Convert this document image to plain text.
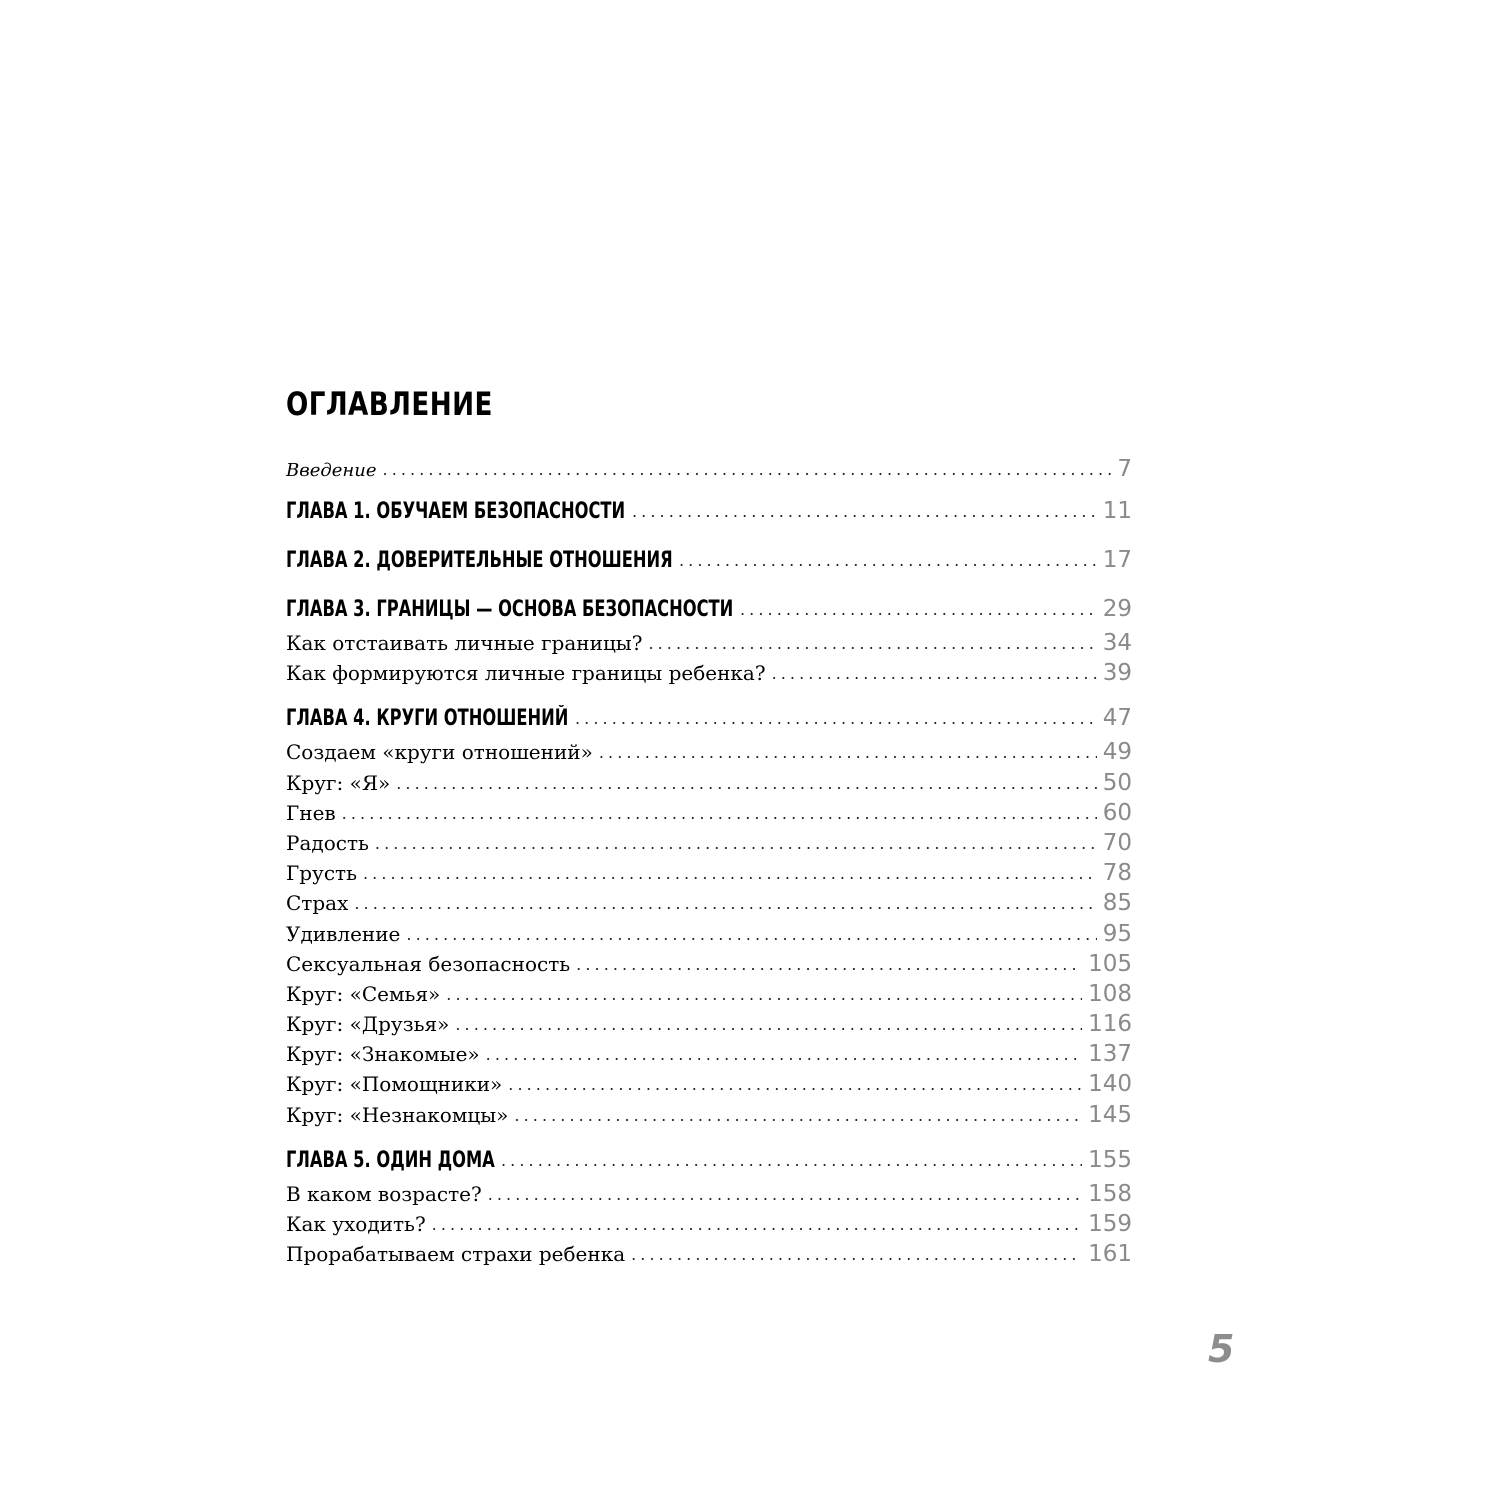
ОГЛАВЛЕНИЕ
Введение . . .	7
ГЛАВА 1. ОБУЧАЕМ БЕЗОПАСНОСТИ . . .	11
ГЛАВА 2. ДОВЕРИТЕЛЬНЫЕ ОТНОШЕНИЯ . . .	17
ГЛАВА 3. ГРАНИЦЫ — ОСНОВА БЕЗОПАСНОСТИ . . .	29
Как отстаивать личные границы? . . .	34
Как формируются личные границы ребенка? . . .	39
ГЛАВА 4. КРУГИ ОТНОШЕНИЙ . . .	47
Создаем «круги отношений» . . .	49
Круг: «Я» . . .	50
Гнев . . .	60
Радость . . .	70
Грусть . . .	78
Страх . . .	85
Удивление . . .	95
Сексуальная безопасность . . .	105
Круг: «Семья» . . .	108
Круг: «Друзья» . . .	116
Круг: «Знакомые» . . .	137
Круг: «Помощники» . . .	140
Круг: «Незнакомцы» . . .	145
ГЛАВА 5. ОДИН ДОМА . . .	155
В каком возрасте? . . .	158
Как уходить? . . .	159
Прорабатываем страхи ребенка . . .	161
5
